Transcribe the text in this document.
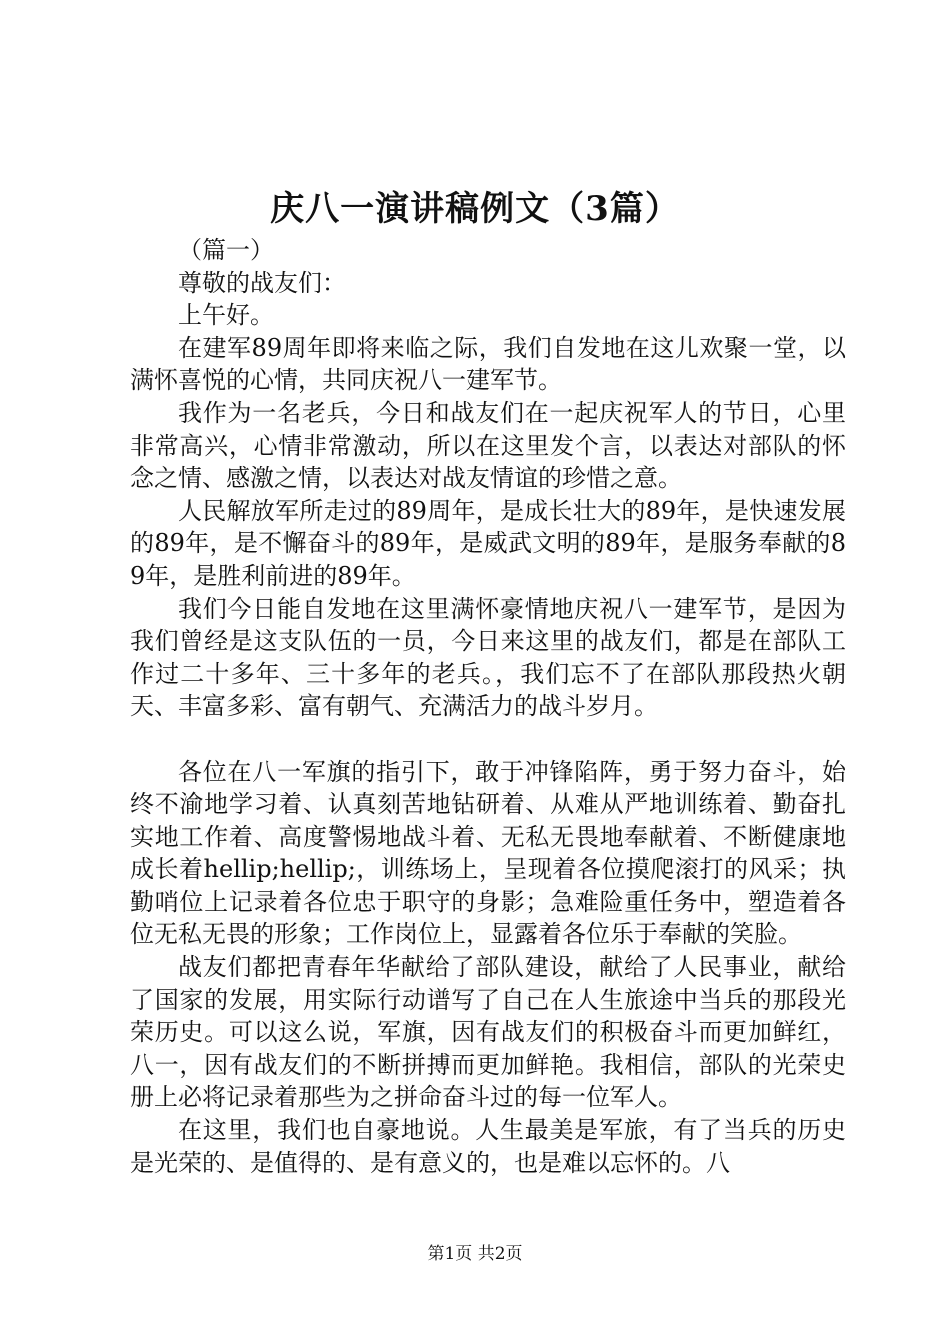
庆八一演讲稿例文（3篇）

（篇一）

尊敬的战友们：

上午好。

在建军89周年即将来临之际，我们自发地在这儿欢聚一堂，以满怀喜悦的心情，共同庆祝八一建军节。

我作为一名老兵，今日和战友们在一起庆祝军人的节日，心里非常高兴，心情非常激动，所以在这里发个言，以表达对部队的怀念之情、感激之情，以表达对战友情谊的珍惜之意。

人民解放军所走过的89周年，是成长壮大的89年，是快速发展的89年，是不懈奋斗的89年，是威武文明的89年，是服务奉献的89年，是胜利前进的89年。

我们今日能自发地在这里满怀豪情地庆祝八一建军节，是因为我们曾经是这支队伍的一员，今日来这里的战友们，都是在部队工作过二十多年、三十多年的老兵。，我们忘不了在部队那段热火朝天、丰富多彩、富有朝气、充满活力的战斗岁月。

各位在八一军旗的指引下，敢于冲锋陷阵，勇于努力奋斗，始终不渝地学习着、认真刻苦地钻研着、从难从严地训练着、勤奋扎实地工作着、高度警惕地战斗着、无私无畏地奉献着、不断健康地成长着hellip;hellip;，训练场上，呈现着各位摸爬滚打的风采；执勤哨位上记录着各位忠于职守的身影；急难险重任务中，塑造着各位无私无畏的形象；工作岗位上，显露着各位乐于奉献的笑脸。

战友们都把青春年华献给了部队建设，献给了人民事业，献给了国家的发展，用实际行动谱写了自己在人生旅途中当兵的那段光荣历史。可以这么说，军旗，因有战友们的积极奋斗而更加鲜红，八一，因有战友们的不断拼搏而更加鲜艳。我相信，部队的光荣史册上必将记录着那些为之拼命奋斗过的每一位军人。

在这里，我们也自豪地说。人生最美是军旅，有了当兵的历史是光荣的、是值得的、是有意义的，也是难以忘怀的。八

第1页 共2页
